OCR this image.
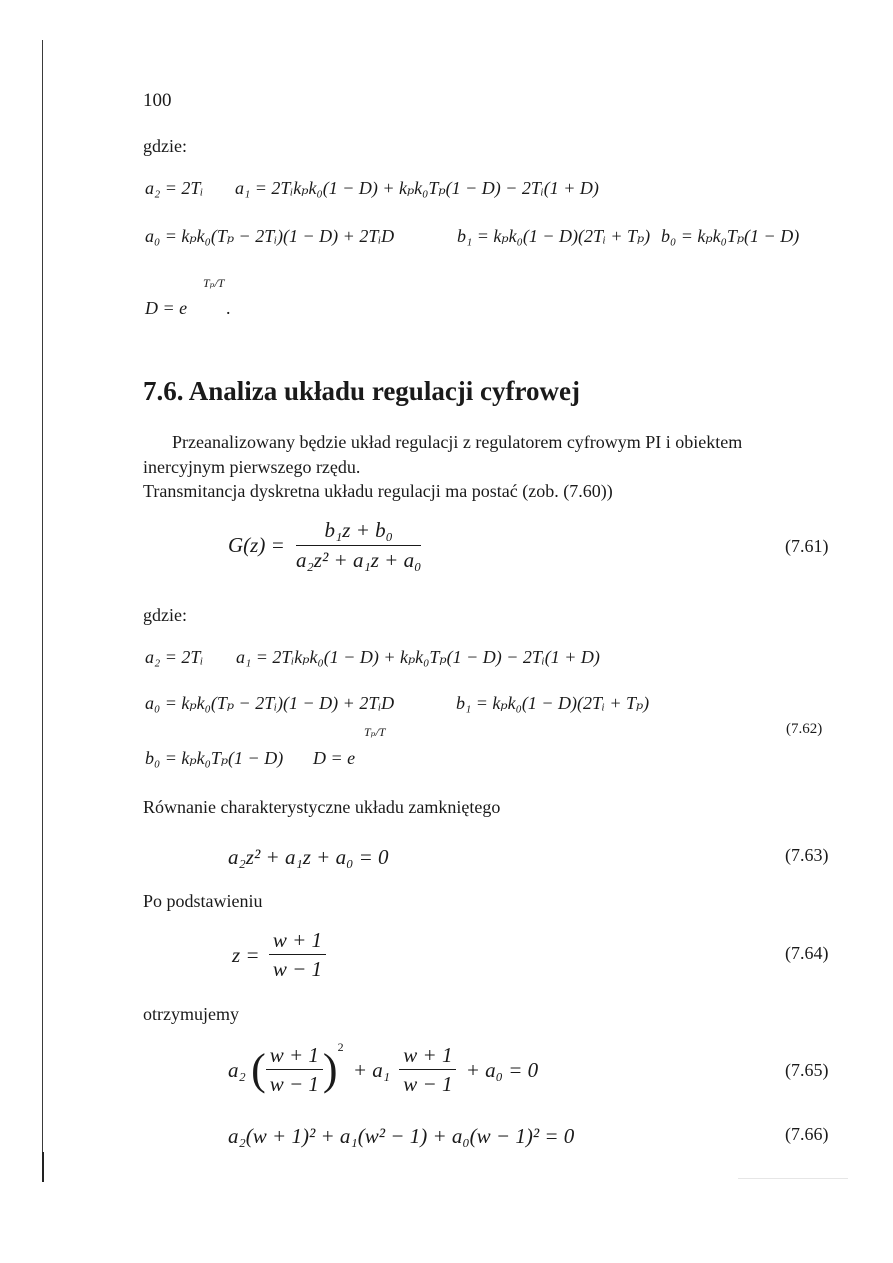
100
gdzie:
a₂ = 2Tᵢ a₁ = 2Tᵢkₚk₀(1 − D) + kₚk₀Tₚ(1 − D) − 2Tᵢ(1 + D)
a₀ = kₚk₀(Tₚ − 2Tᵢ)(1 − D) + 2TᵢD	b₁ = kₚk₀(1 − D)(2Tᵢ + Tₚ) b₀ = kₚk₀Tₚ(1 − D)
Tₚ/T
D = e .
7.6. Analiza układu regulacji cyfrowej
Przeanalizowany będzie układ regulacji z regulatorem cyfrowym PI i obiektem
inercyjnym pierwszego rzędu.
Transmitancja dyskretna układu regulacji ma postać (zob. (7.60))
$G(z) = \frac{\text{b₁z + b₀}}{\text{a₂z² + a₁z + a₀}}$	(7.61)
gdzie:
a₂ = 2Tᵢ a₁ = 2Tᵢkₚk₀(1 − D) + kₚk₀Tₚ(1 − D) − 2Tᵢ(1 + D)
a₀ = kₚk₀(Tₚ − 2Tᵢ)(1 − D) + 2TᵢD	b₁ = kₚk₀(1 − D)(2Tᵢ + Tₚ)
Tₚ/T
b₀ = kₚk₀Tₚ(1 − D) D = e
(7.62)
Równanie charakterystyczne układu zamkniętego
a₂z² + a₁z + a₀ = 0	(7.63)
Po podstawieniu
$z = \frac{w + 1}{w - 1}$	(7.64)
otrzymujemy
a₂ ( $\frac{w + 1}{w - 1} )^2 + a_1 \frac{w + 1}{w - 1} + a_0 = 0$	(7.65)
a₂(w + 1)² + a₁(w² − 1) + a₀(w − 1)² = 0	(7.66)
